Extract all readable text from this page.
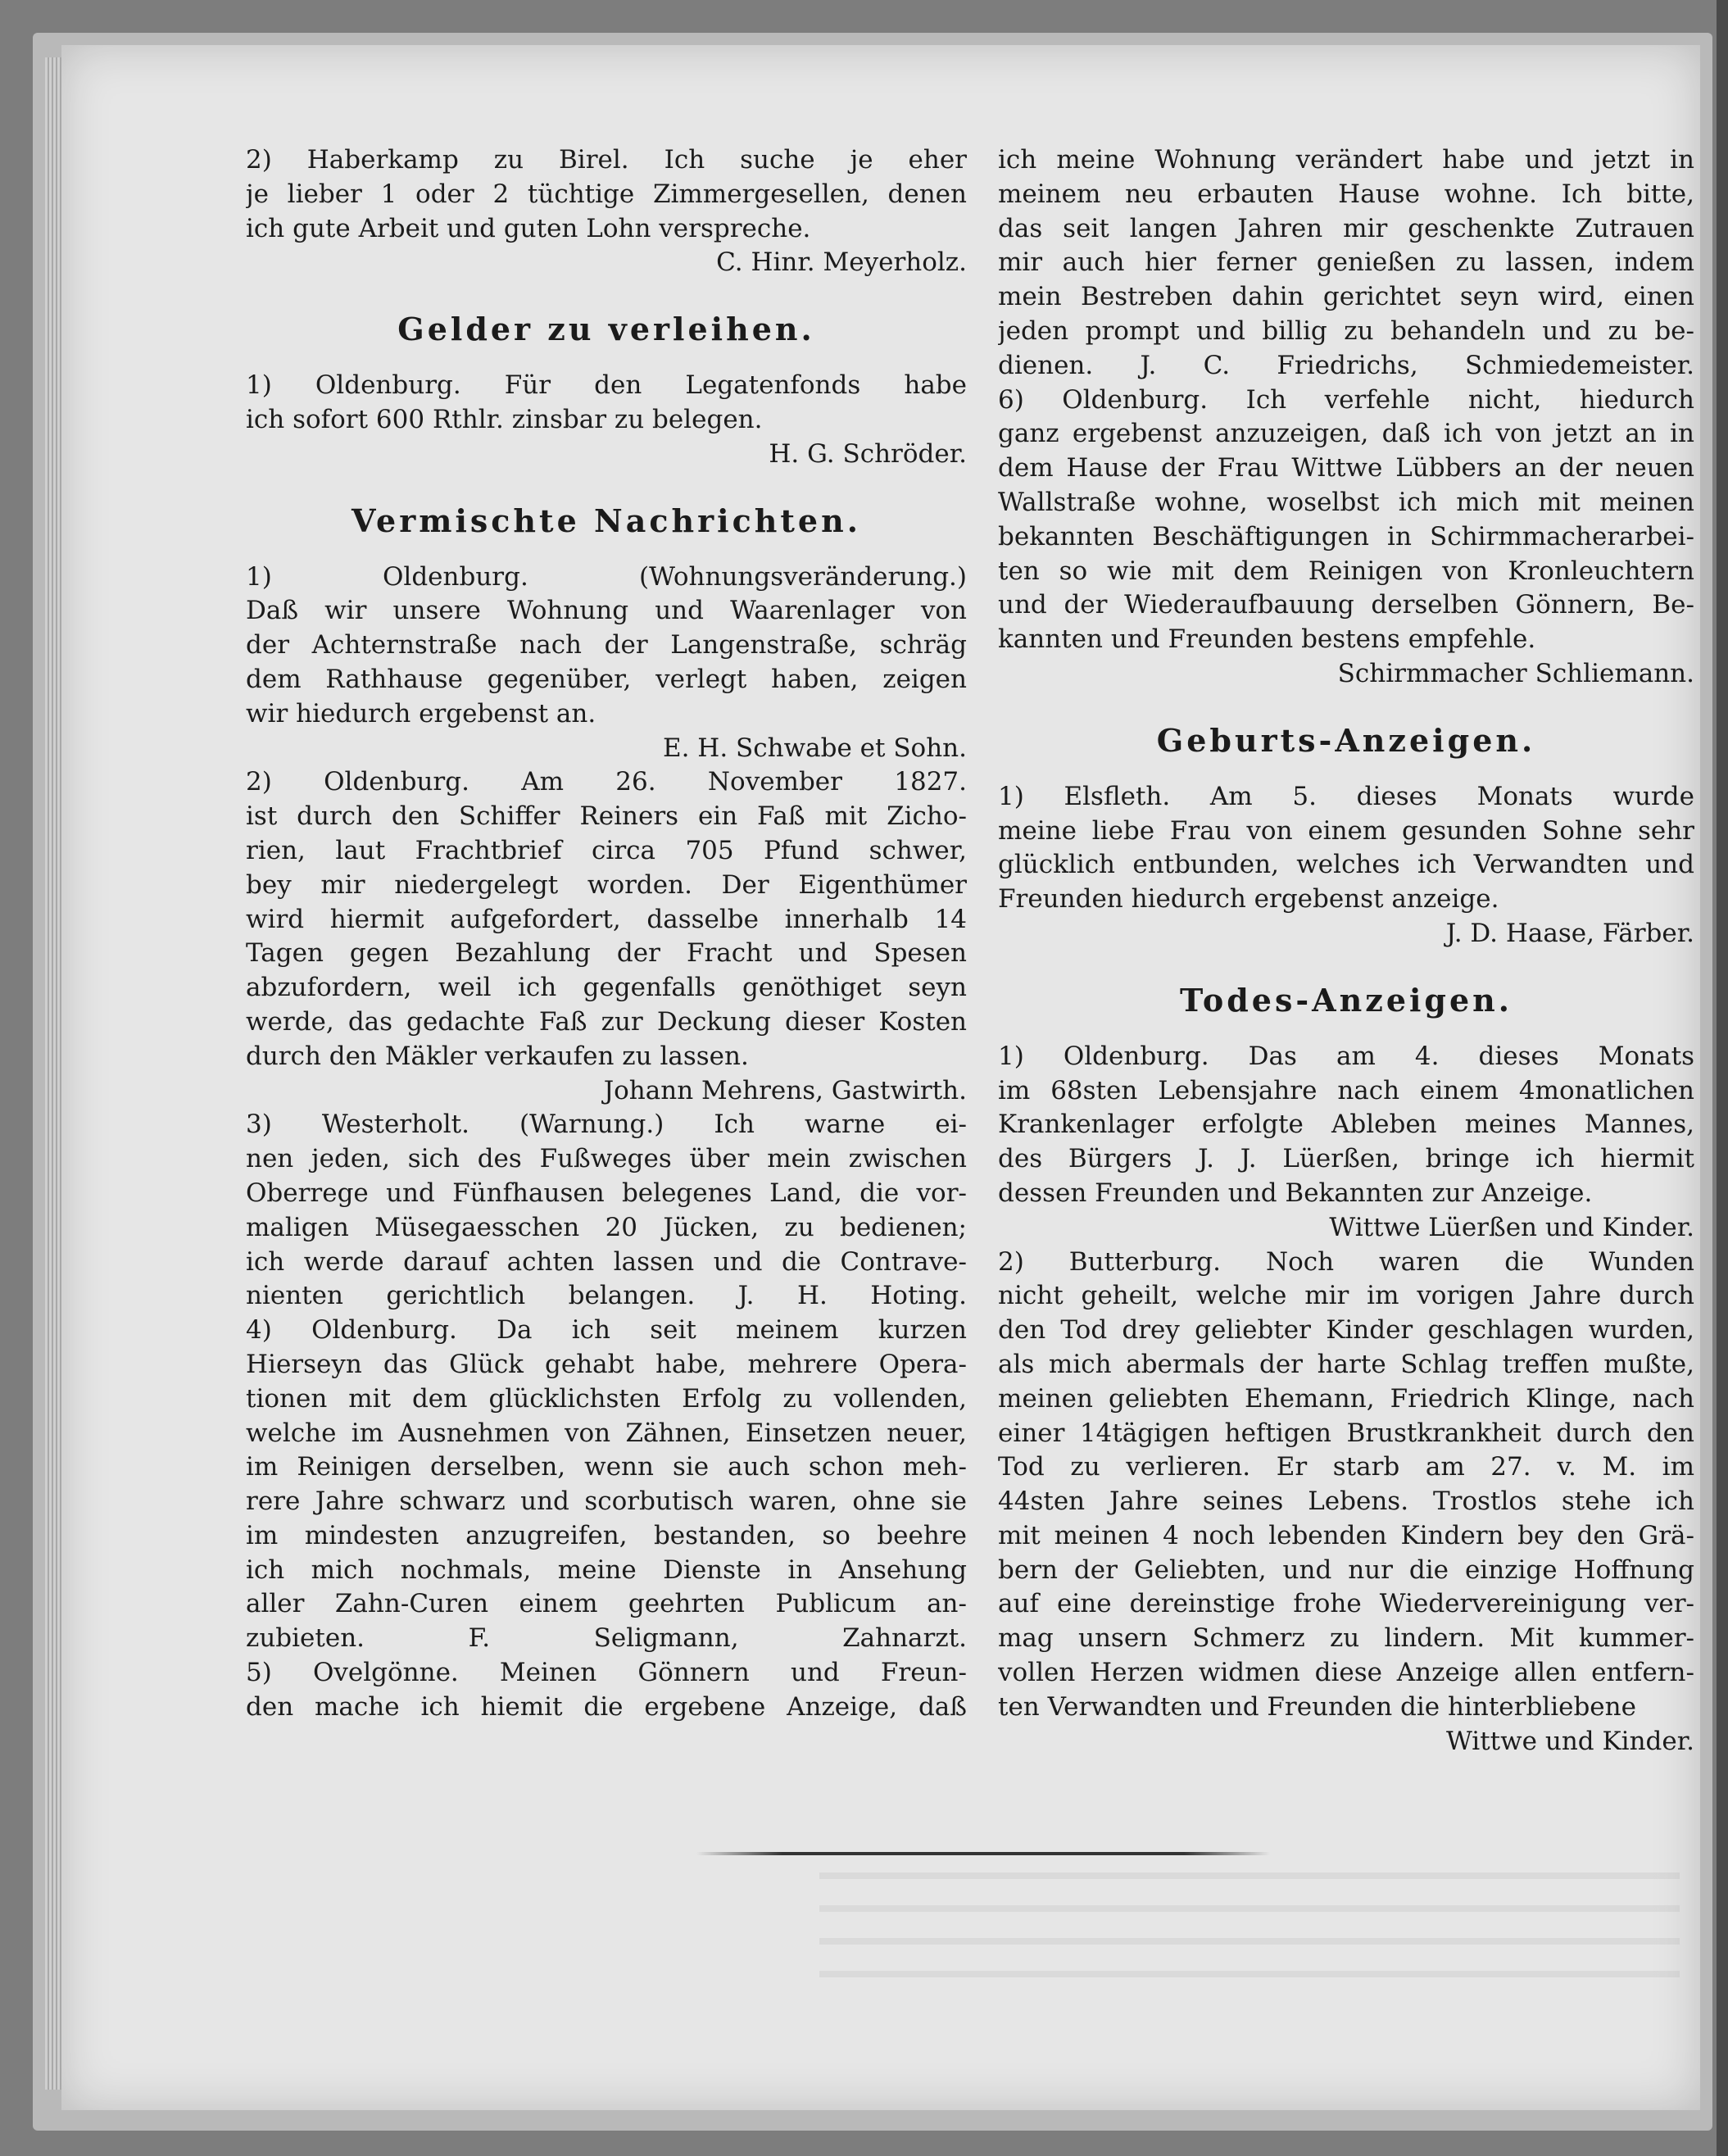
2) Haberkamp zu Birel. Ich suche je eher
je lieber 1 oder 2 tüchtige Zimmergesellen, denen
ich gute Arbeit und guten Lohn verspreche.
C. Hinr. Meyerholz.
Gelder zu verleihen.
1) Oldenburg. Für den Legatenfonds habe
ich sofort 600 Rthlr. zinsbar zu belegen.
H. G. Schröder.
Vermischte Nachrichten.
1) Oldenburg. (Wohnungsveränderung.)
Daß wir unsere Wohnung und Waarenlager von
der Achternstraße nach der Langenstraße, schräg
dem Rathhause gegenüber, verlegt haben, zeigen
wir hiedurch ergebenst an.
E. H. Schwabe et Sohn.
2) Oldenburg. Am 26. November 1827.
ist durch den Schiffer Reiners ein Faß mit Zicho-
rien, laut Frachtbrief circa 705 Pfund schwer,
bey mir niedergelegt worden. Der Eigenthümer
wird hiermit aufgefordert, dasselbe innerhalb 14
Tagen gegen Bezahlung der Fracht und Spesen
abzufordern, weil ich gegenfalls genöthiget seyn
werde, das gedachte Faß zur Deckung dieser Kosten
durch den Mäkler verkaufen zu lassen.
Johann Mehrens, Gastwirth.
3) Westerholt. (Warnung.) Ich warne ei-
nen jeden, sich des Fußweges über mein zwischen
Oberrege und Fünfhausen belegenes Land, die vor-
maligen Müsegaesschen 20 Jücken, zu bedienen;
ich werde darauf achten lassen und die Contrave-
nienten gerichtlich belangen. J. H. Hoting.
4) Oldenburg. Da ich seit meinem kurzen
Hierseyn das Glück gehabt habe, mehrere Opera-
tionen mit dem glücklichsten Erfolg zu vollenden,
welche im Ausnehmen von Zähnen, Einsetzen neuer,
im Reinigen derselben, wenn sie auch schon meh-
rere Jahre schwarz und scorbutisch waren, ohne sie
im mindesten anzugreifen, bestanden, so beehre
ich mich nochmals, meine Dienste in Ansehung
aller Zahn-Curen einem geehrten Publicum an-
zubieten. F. Seligmann, Zahnarzt.
5) Ovelgönne. Meinen Gönnern und Freun-
den mache ich hiemit die ergebene Anzeige, daß
ich meine Wohnung verändert habe und jetzt in
meinem neu erbauten Hause wohne. Ich bitte,
das seit langen Jahren mir geschenkte Zutrauen
mir auch hier ferner genießen zu lassen, indem
mein Bestreben dahin gerichtet seyn wird, einen
jeden prompt und billig zu behandeln und zu be-
dienen. J. C. Friedrichs, Schmiedemeister.
6) Oldenburg. Ich verfehle nicht, hiedurch
ganz ergebenst anzuzeigen, daß ich von jetzt an in
dem Hause der Frau Wittwe Lübbers an der neuen
Wallstraße wohne, woselbst ich mich mit meinen
bekannten Beschäftigungen in Schirmmacherarbei-
ten so wie mit dem Reinigen von Kronleuchtern
und der Wiederaufbauung derselben Gönnern, Be-
kannten und Freunden bestens empfehle.
Schirmmacher Schliemann.
Geburts-Anzeigen.
1) Elsfleth. Am 5. dieses Monats wurde
meine liebe Frau von einem gesunden Sohne sehr
glücklich entbunden, welches ich Verwandten und
Freunden hiedurch ergebenst anzeige.
J. D. Haase, Färber.
Todes-Anzeigen.
1) Oldenburg. Das am 4. dieses Monats
im 68sten Lebensjahre nach einem 4monatlichen
Krankenlager erfolgte Ableben meines Mannes,
des Bürgers J. J. Lüerßen, bringe ich hiermit
dessen Freunden und Bekannten zur Anzeige.
Wittwe Lüerßen und Kinder.
2) Butterburg. Noch waren die Wunden
nicht geheilt, welche mir im vorigen Jahre durch
den Tod drey geliebter Kinder geschlagen wurden,
als mich abermals der harte Schlag treffen mußte,
meinen geliebten Ehemann, Friedrich Klinge, nach
einer 14tägigen heftigen Brustkrankheit durch den
Tod zu verlieren. Er starb am 27. v. M. im
44sten Jahre seines Lebens. Trostlos stehe ich
mit meinen 4 noch lebenden Kindern bey den Grä-
bern der Geliebten, und nur die einzige Hoffnung
auf eine dereinstige frohe Wiedervereinigung ver-
mag unsern Schmerz zu lindern. Mit kummer-
vollen Herzen widmen diese Anzeige allen entfern-
ten Verwandten und Freunden die hinterbliebene
Wittwe und Kinder.
